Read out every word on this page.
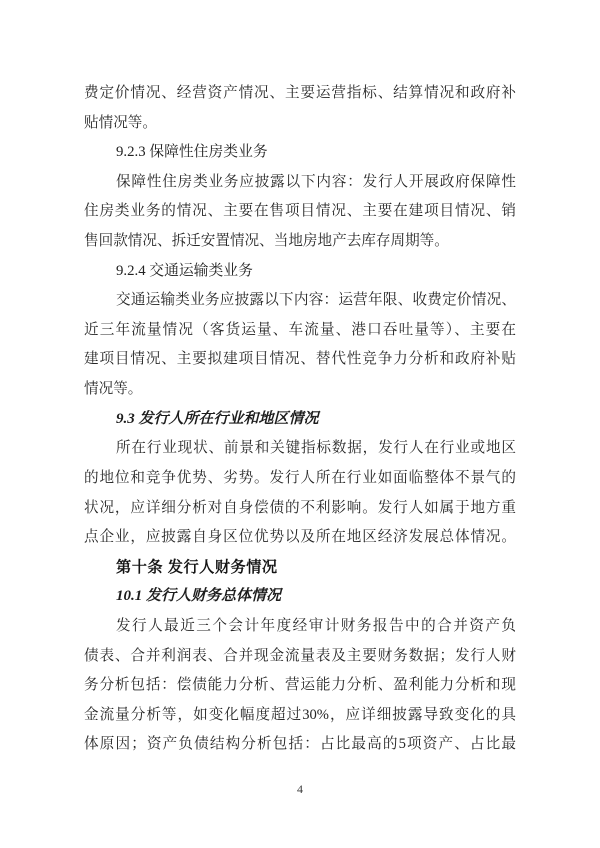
费定价情况、经营资产情况、主要运营指标、结算情况和政府补
贴情况等。
9.2.3 保障性住房类业务
保障性住房类业务应披露以下内容：发行人开展政府保障性
住房类业务的情况、主要在售项目情况、主要在建项目情况、销
售回款情况、拆迁安置情况、当地房地产去库存周期等。
9.2.4 交通运输类业务
交通运输类业务应披露以下内容：运营年限、收费定价情况、
近三年流量情况（客货运量、车流量、港口吞吐量等）、主要在
建项目情况、主要拟建项目情况、替代性竞争力分析和政府补贴
情况等。
9.3 发行人所在行业和地区情况
所在行业现状、前景和关键指标数据，发行人在行业或地区
的地位和竞争优势、劣势。发行人所在行业如面临整体不景气的
状况，应详细分析对自身偿债的不利影响。发行人如属于地方重
点企业，应披露自身区位优势以及所在地区经济发展总体情况。
第十条 发行人财务情况
10.1 发行人财务总体情况
发行人最近三个会计年度经审计财务报告中的合并资产负
债表、合并利润表、合并现金流量表及主要财务数据；发行人财
务分析包括：偿债能力分析、营运能力分析、盈利能力分析和现
金流量分析等，如变化幅度超过30%，应详细披露导致变化的具
体原因；资产负债结构分析包括：占比最高的5项资产、占比最
4
